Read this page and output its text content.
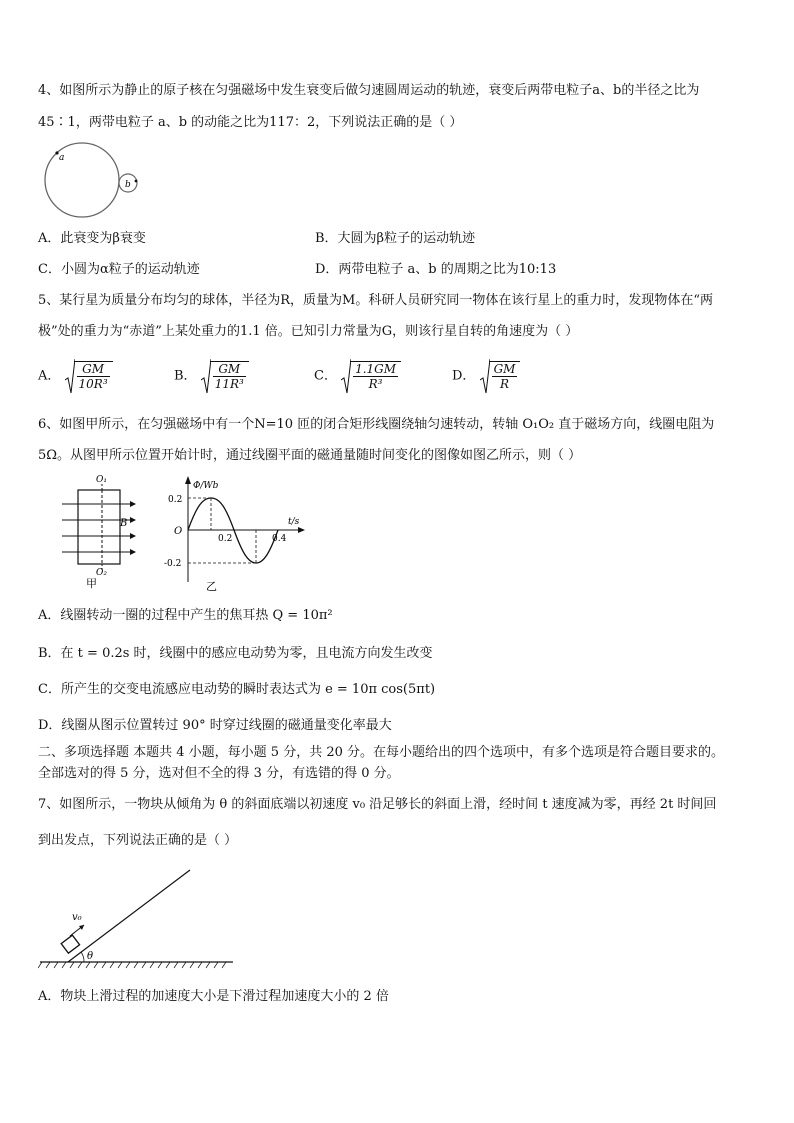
4、如图所示为静止的原子核在匀强磁场中发生衰变后做匀速圆周运动的轨迹，衰变后两带电粒子a、b的半径之比为
45∶1，两带电粒子 a、b 的动能之比为117：2，下列说法正确的是（ ）
a
b
A．此衰变为β衰变	B．大圆为β粒子的运动轨迹
C．小圆为α粒子的运动轨迹	D．两带电粒子 a、b 的周期之比为10:13
5、某行星为质量分布均匀的球体，半径为R，质量为M。科研人员研究同一物体在该行星上的重力时，发现物体在“两
极”处的重力为“赤道”上某处重力的1.1 倍。已知引力常量为G，则该行星自转的角速度为（ ）
A． $\frac{GM}{\text{10R³}}$	B． $\frac{GM}{\text{11R³}}$	C． $\frac{1.1GM}{\text{R³}}$	D． $\frac{GM}{R}$
6、如图甲所示，在匀强磁场中有一个N=10 匝的闭合矩形线圈绕轴匀速转动，转轴 O₁O₂ 直于磁场方向，线圈电阻为
5Ω。从图甲所示位置开始计时，通过线圈平面的磁通量随时间变化的图像如图乙所示，则（ ）
O₁
B
O₂
甲
Φ/Wb
t/s
O
0.2
-0.2
0.2	0.4
乙
A．线圈转动一圈的过程中产生的焦耳热 Q = 10π²
B．在 t = 0.2s 时，线圈中的感应电动势为零，且电流方向发生改变
C．所产生的交变电流感应电动势的瞬时表达式为 e = 10π cos(5πt)
D．线圈从图示位置转过 90° 时穿过线圈的磁通量变化率最大
二、多项选择题 本题共 4 小题，每小题 5 分，共 20 分。在每小题给出的四个选项中，有多个选项是符合题目要求的。
全部选对的得 5 分，选对但不全的得 3 分，有选错的得 0 分。
7、如图所示，一物块从倾角为 θ 的斜面底端以初速度 v₀ 沿足够长的斜面上滑，经时间 t 速度减为零，再经 2t 时间回
到出发点，下列说法正确的是（ ）
v₀
θ
A．物块上滑过程的加速度大小是下滑过程加速度大小的 2 倍
